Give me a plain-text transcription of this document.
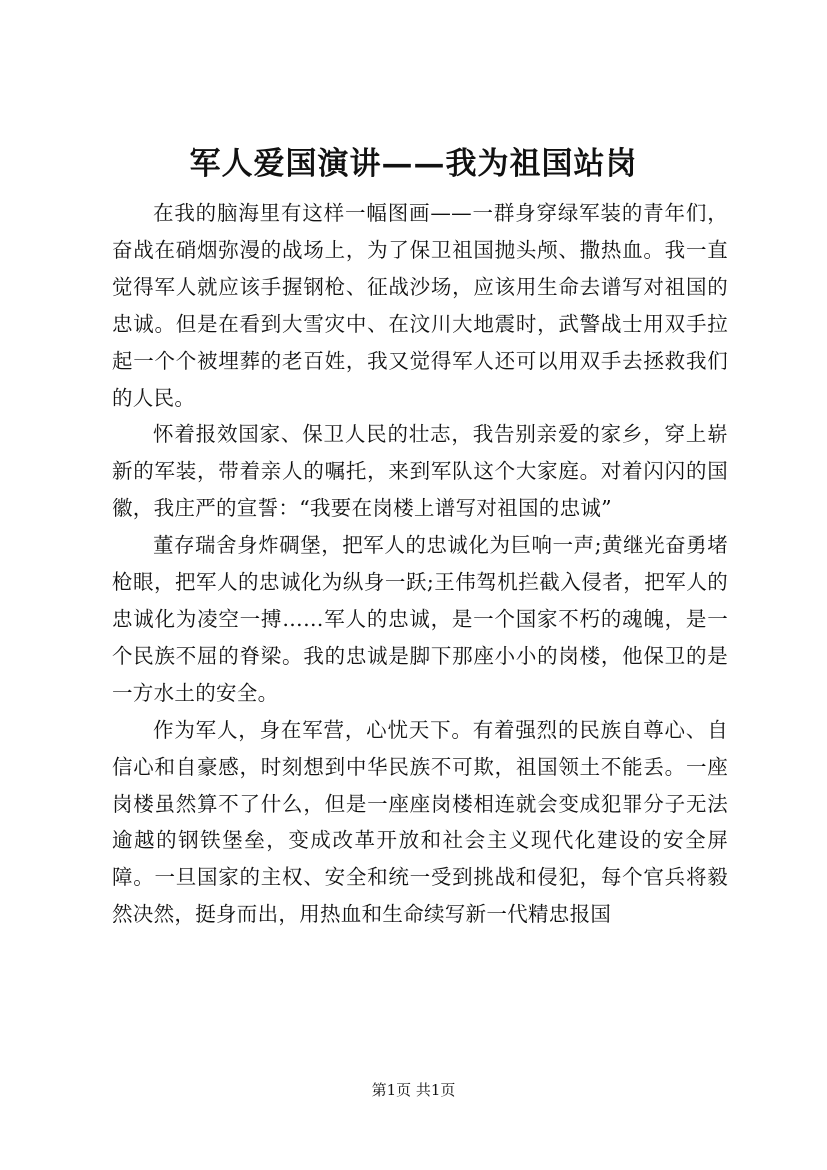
军人爱国演讲——我为祖国站岗

在我的脑海里有这样一幅图画——一群身穿绿军装的青年们，奋战在硝烟弥漫的战场上，为了保卫祖国抛头颅、撒热血。我一直觉得军人就应该手握钢枪、征战沙场，应该用生命去谱写对祖国的忠诚。但是在看到大雪灾中、在汶川大地震时，武警战士用双手拉起一个个被埋葬的老百姓，我又觉得军人还可以用双手去拯救我们的人民。

怀着报效国家、保卫人民的壮志，我告别亲爱的家乡，穿上崭新的军装，带着亲人的嘱托，来到军队这个大家庭。对着闪闪的国徽，我庄严的宣誓：“我要在岗楼上谱写对祖国的忠诚”

董存瑞舍身炸碉堡，把军人的忠诚化为巨响一声;黄继光奋勇堵枪眼，把军人的忠诚化为纵身一跃;王伟驾机拦截入侵者，把军人的忠诚化为凌空一搏……军人的忠诚，是一个国家不朽的魂魄，是一个民族不屈的脊梁。我的忠诚是脚下那座小小的岗楼，他保卫的是一方水土的安全。

作为军人，身在军营，心忧天下。有着强烈的民族自尊心、自信心和自豪感，时刻想到中华民族不可欺，祖国领土不能丢。一座岗楼虽然算不了什么，但是一座座岗楼相连就会变成犯罪分子无法逾越的钢铁堡垒，变成改革开放和社会主义现代化建设的安全屏障。一旦国家的主权、安全和统一受到挑战和侵犯，每个官兵将毅然决然，挺身而出，用热血和生命续写新一代精忠报国

第1页 共1页
